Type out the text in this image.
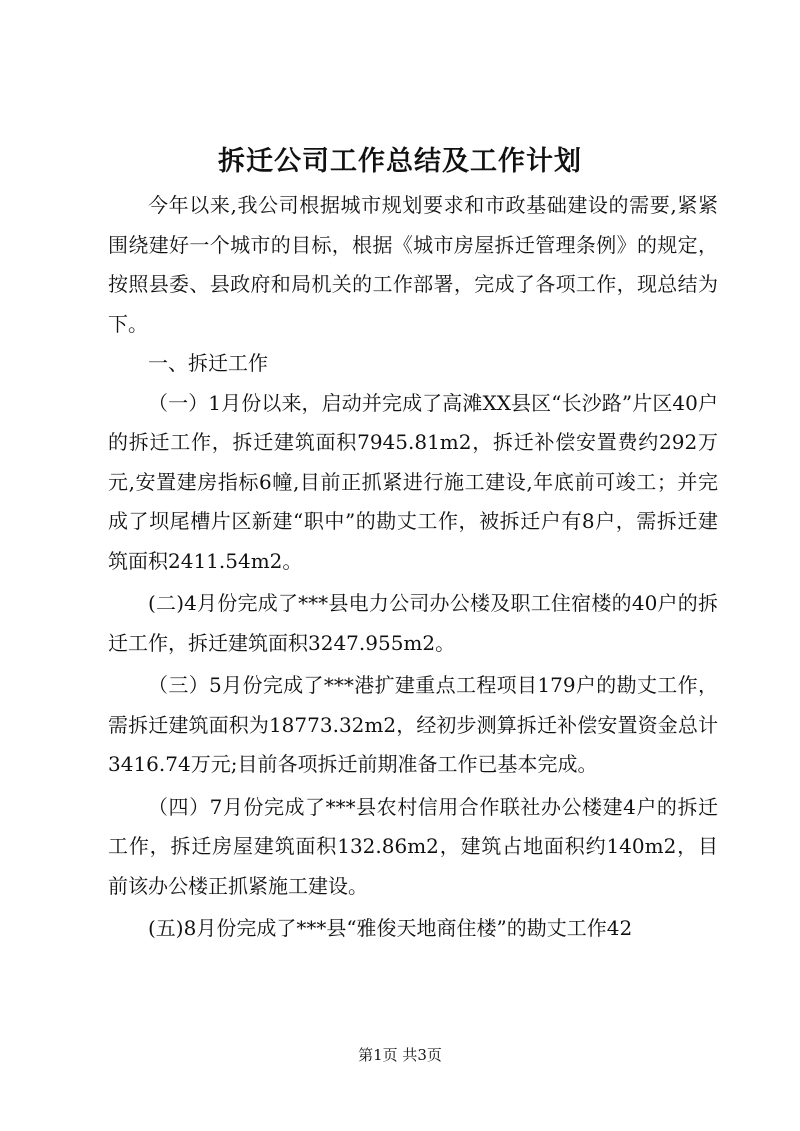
拆迁公司工作总结及工作计划

今年以来,我公司根据城市规划要求和市政基础建设的需要,紧紧围绕建好一个城市的目标，根据《城市房屋拆迁管理条例》的规定，按照县委、县政府和局机关的工作部署，完成了各项工作，现总结为下。

一、拆迁工作

（一）1月份以来，启动并完成了高滩XX县区“长沙路”片区40户的拆迁工作，拆迁建筑面积7945.81m2，拆迁补偿安置费约292万元,安置建房指标6幢,目前正抓紧进行施工建设,年底前可竣工；并完成了坝尾槽片区新建“职中”的勘丈工作，被拆迁户有8户，需拆迁建筑面积2411.54m2。

(二)4月份完成了***县电力公司办公楼及职工住宿楼的40户的拆迁工作，拆迁建筑面积3247.955m2。

（三）5月份完成了***港扩建重点工程项目179户的勘丈工作，需拆迁建筑面积为18773.32m2，经初步测算拆迁补偿安置资金总计3416.74万元;目前各项拆迁前期准备工作已基本完成。

（四）7月份完成了***县农村信用合作联社办公楼建4户的拆迁工作，拆迁房屋建筑面积132.86m2，建筑占地面积约140m2，目前该办公楼正抓紧施工建设。

(五)8月份完成了***县“雅俊天地商住楼”的勘丈工作42

第1页 共3页
